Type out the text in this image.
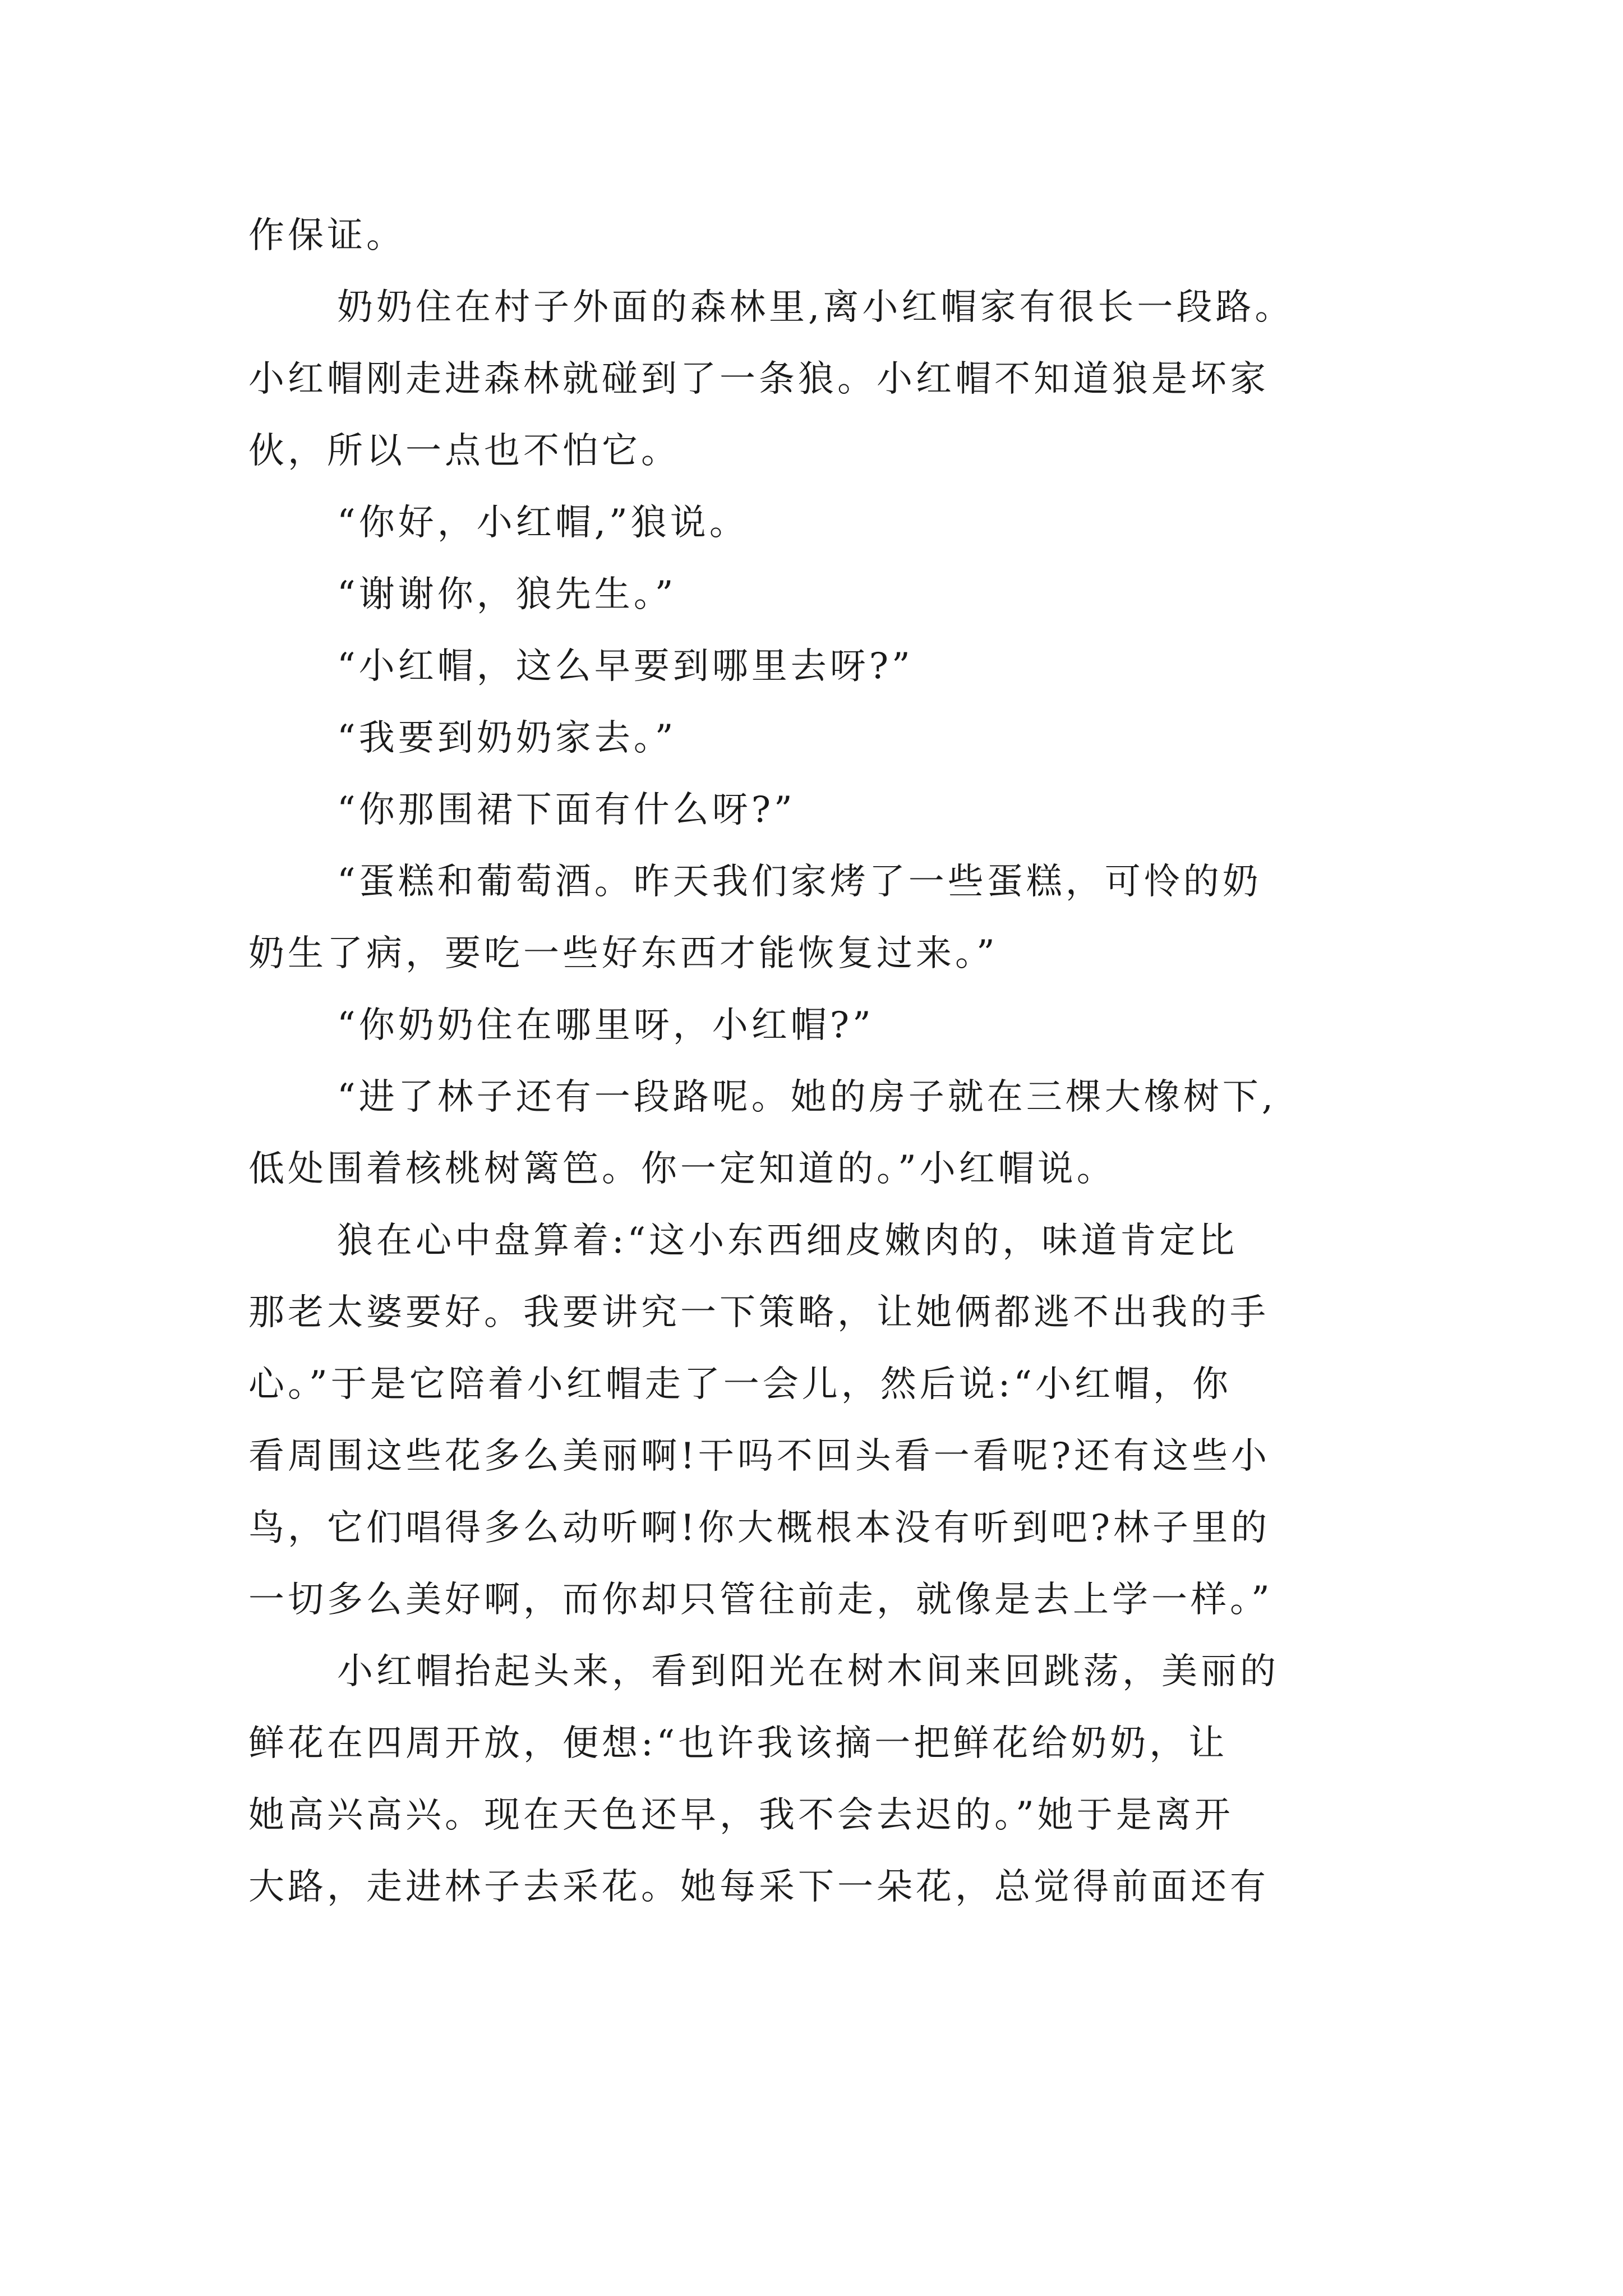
作保证。
奶奶住在村子外面的森林里,离小红帽家有很长一段路。
小红帽刚走进森林就碰到了一条狼。小红帽不知道狼是坏家
伙，所以一点也不怕它。
“你好，小红帽,”狼说。
“谢谢你，狼先生。”
“小红帽，这么早要到哪里去呀?”
“我要到奶奶家去。”
“你那围裙下面有什么呀?”
“蛋糕和葡萄酒。昨天我们家烤了一些蛋糕，可怜的奶
奶生了病，要吃一些好东西才能恢复过来。”
“你奶奶住在哪里呀，小红帽?”
“进了林子还有一段路呢。她的房子就在三棵大橡树下,
低处围着核桃树篱笆。你一定知道的。”小红帽说。
狼在心中盘算着:“这小东西细皮嫩肉的，味道肯定比
那老太婆要好。我要讲究一下策略，让她俩都逃不出我的手
心。”于是它陪着小红帽走了一会儿，然后说:“小红帽，你
看周围这些花多么美丽啊!干吗不回头看一看呢?还有这些小
鸟，它们唱得多么动听啊!你大概根本没有听到吧?林子里的
一切多么美好啊，而你却只管往前走，就像是去上学一样。”
小红帽抬起头来，看到阳光在树木间来回跳荡，美丽的
鲜花在四周开放，便想:“也许我该摘一把鲜花给奶奶，让
她高兴高兴。现在天色还早，我不会去迟的。”她于是离开
大路，走进林子去采花。她每采下一朵花，总觉得前面还有
